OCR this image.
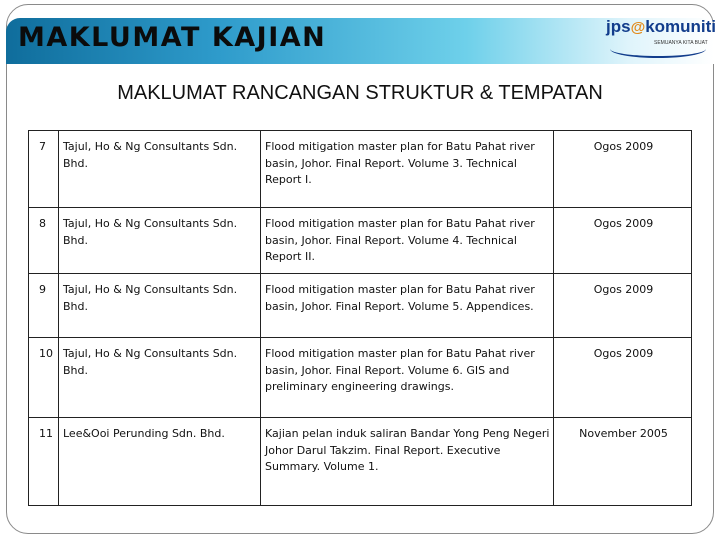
MAKLUMAT KAJIAN	jps@komuniti
SEMUANYA KITA BUAT
MAKLUMAT RANCANGAN STRUKTUR & TEMPATAN
7	Tajul, Ho & Ng Consultants Sdn. Bhd.	Flood mitigation master plan for Batu Pahat river basin, Johor. Final Report. Volume 3. Technical Report I.	Ogos 2009
8	Tajul, Ho & Ng Consultants Sdn. Bhd.	Flood mitigation master plan for Batu Pahat river basin, Johor. Final Report. Volume 4. Technical Report II.	Ogos 2009
9	Tajul, Ho & Ng Consultants Sdn. Bhd.	Flood mitigation master plan for Batu Pahat river basin, Johor. Final Report. Volume 5. Appendices.	Ogos 2009
10	Tajul, Ho & Ng Consultants Sdn. Bhd.	Flood mitigation master plan for Batu Pahat river basin, Johor. Final Report. Volume 6. GIS and preliminary engineering drawings.	Ogos 2009
11	Lee&Ooi Perunding Sdn. Bhd.	Kajian pelan induk saliran Bandar Yong Peng Negeri Johor Darul Takzim. Final Report. Executive Summary. Volume 1.	November 2005
